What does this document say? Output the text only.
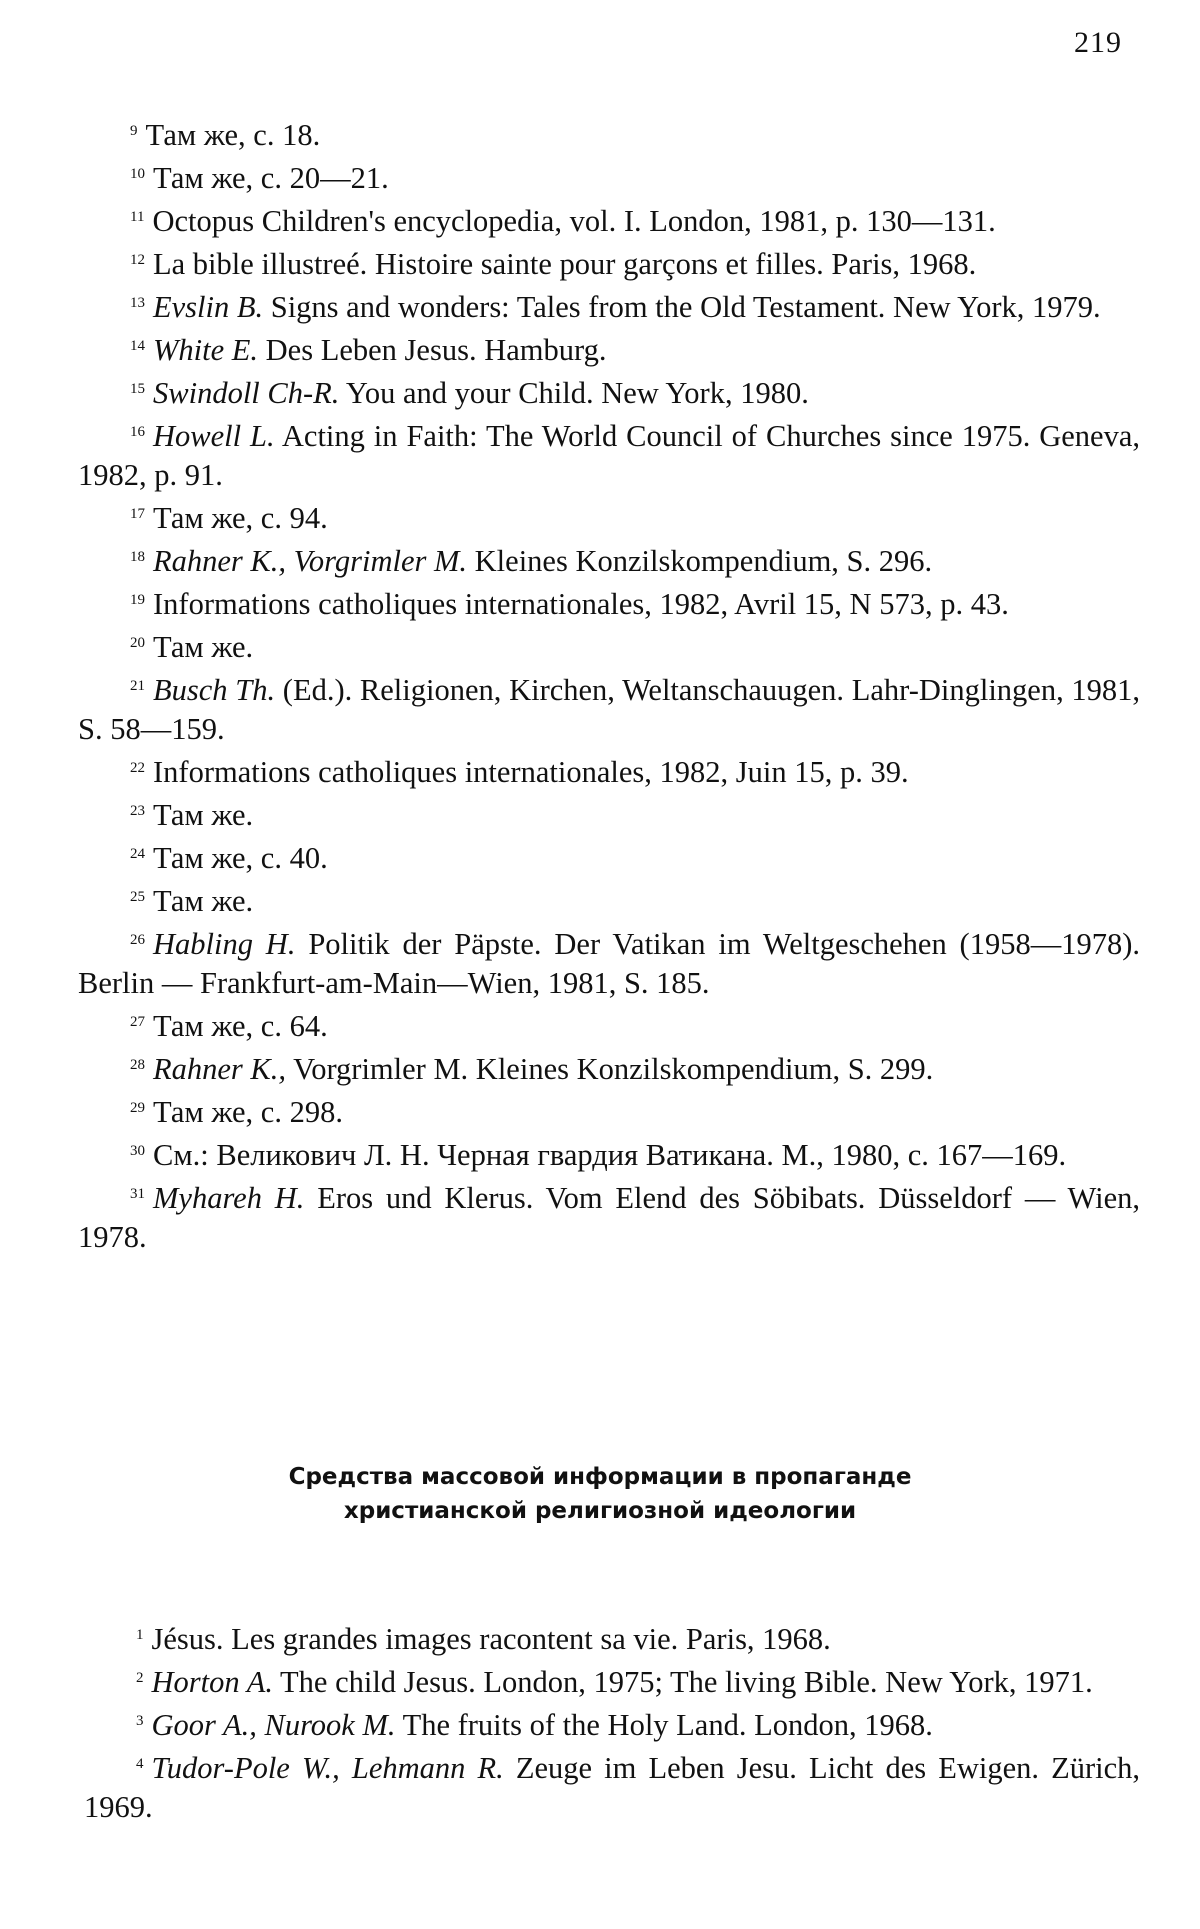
219

$^9$ Там же, с. 18.

$^{10}$ Там же, с. 20—21.

$^{11}$ Octopus Children's encyclopedia, vol. I. London, 1981, p. 130—131.

$^{12}$ La bible illustreé. Histoire sainte pour garçons et filles. Paris, 1968.

$^{13}$ Evslin B. Signs and wonders: Tales from the Old Testament. New York, 1979.

$^{14}$ White E. Des Leben Jesus. Hamburg.

$^{15}$ Swindoll Ch-R. You and your Child. New York, 1980.

$^{16}$ Howell L. Acting in Faith: The World Council of Churches since 1975. Geneva, 1982, p. 91.

$^{17}$ Там же, с. 94.

$^{18}$ Rahner K., Vorgrimler M. Kleines Konzilskompendium, S. 296.

$^{19}$ Informations catholiques internationales, 1982, Avril 15, N 573, p. 43.

$^{20}$ Там же.

$^{21}$ Busch Th. (Ed.). Religionen, Kirchen, Weltanschauugen. Lahr-Dinglingen, 1981, S. 58—159.

$^{22}$ Informations catholiques internationales, 1982, Juin 15, p. 39.

$^{23}$ Там же.

$^{24}$ Там же, с. 40.

$^{25}$ Там же.

$^{26}$ Habling H. Politik der Päpste. Der Vatikan im Weltgeschehen (1958—1978). Berlin — Frankfurt-am-Main—Wien, 1981, S. 185.

$^{27}$ Там же, с. 64.

$^{28}$ Rahner K., Vorgrimler M. Kleines Konzilskompendium, S. 299.

$^{29}$ Там же, с. 298.

$^{30}$ См.: Великович Л. Н. Черная гвардия Ватикана. М., 1980, с. 167—169.

$^{31}$ Myhareh H. Eros und Klerus. Vom Elend des Söbibats. Düsseldorf — Wien, 1978.

Средства массовой информации в пропаганде
христианской религиозной идеологии

$^1$ Jésus. Les grandes images racontent sa vie. Paris, 1968.

$^2$ Horton A. The child Jesus. London, 1975; The living Bible. New York, 1971.

$^3$ Goor A., Nurook M. The fruits of the Holy Land. London, 1968.

$^4$ Tudor-Pole W., Lehmann R. Zeuge im Leben Jesu. Licht des Ewigen. Zürich, 1969.
